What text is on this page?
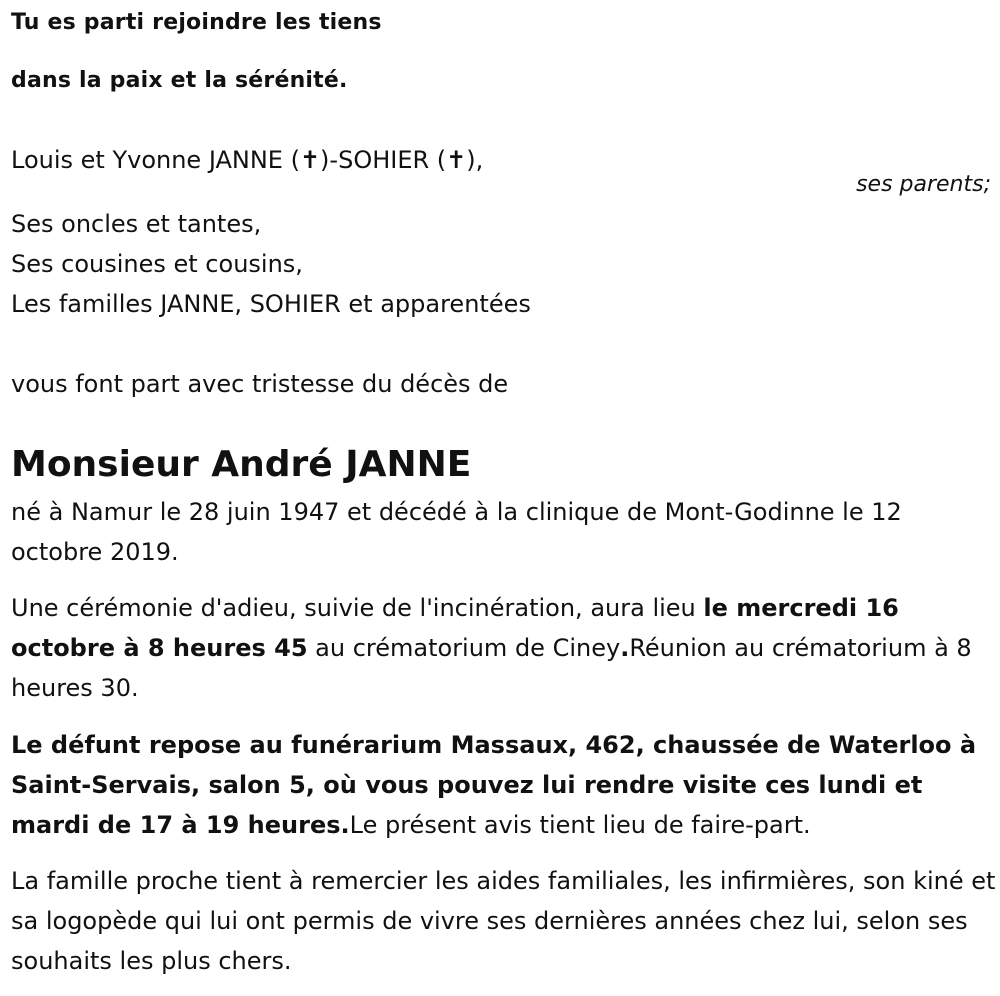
Tu es parti rejoindre les tiens

dans la paix et la sérénité.

Louis et Yvonne JANNE (✝)-SOHIER (✝),

ses parents;

Ses oncles et tantes,

Ses cousines et cousins,

Les familles JANNE, SOHIER et apparentées

vous font part avec tristesse du décès de

Monsieur André JANNE

né à Namur le 28 juin 1947 et décédé à la clinique de Mont-Godinne le 12 octobre 2019.

Une cérémonie d'adieu, suivie de l'incinération, aura lieu le mercredi 16 octobre à 8 heures 45 au crématorium de Ciney.Réunion au crématorium à 8 heures 30.

Le défunt repose au funérarium Massaux, 462, chaussée de Waterloo à Saint-Servais, salon 5, où vous pouvez lui rendre visite ces lundi et mardi de 17 à 19 heures.Le présent avis tient lieu de faire-part.

La famille proche tient à remercier les aides familiales, les infirmières, son kiné et sa logopède qui lui ont permis de vivre ses dernières années chez lui, selon ses souhaits les plus chers.
